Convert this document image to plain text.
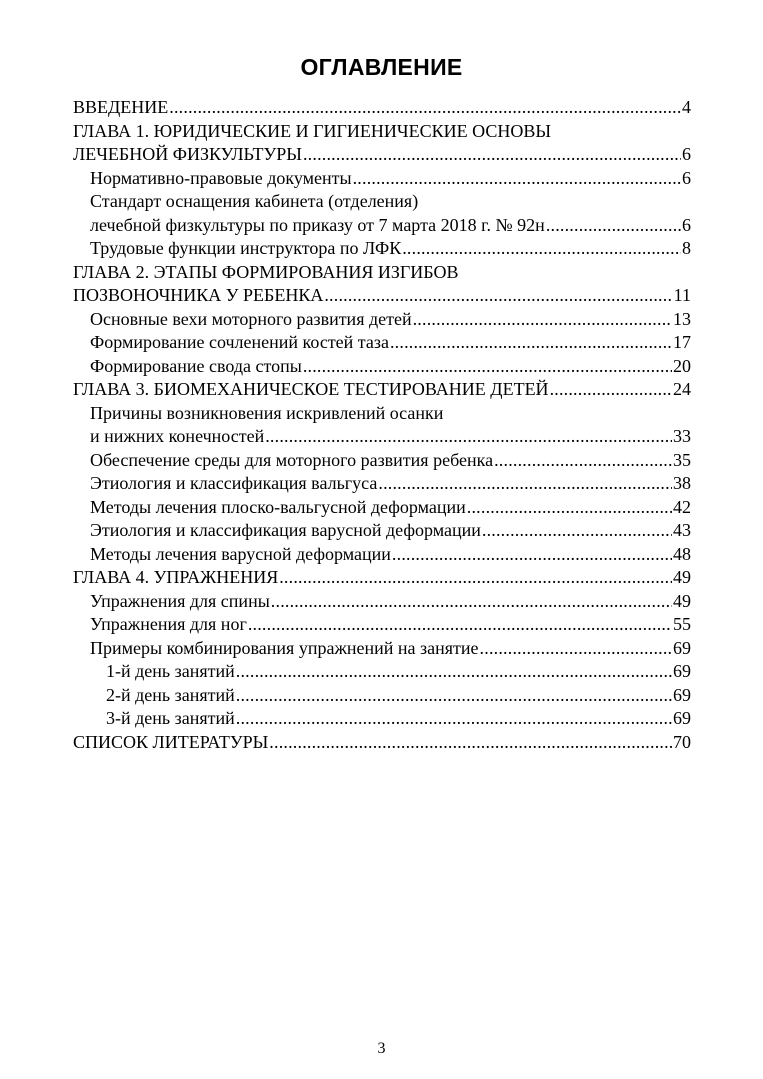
ОГЛАВЛЕНИЕ
ВВЕДЕНИЕ .....	4
ГЛАВА 1. ЮРИДИЧЕСКИЕ И ГИГИЕНИЧЕСКИЕ ОСНОВЫ
ЛЕЧЕБНОЙ ФИЗКУЛЬТУРЫ .....	6
Нормативно-правовые документы .....	6
Стандарт оснащения кабинета (отделения)
лечебной физкультуры по приказу от 7 марта 2018 г. № 92н .....	6
Трудовые функции инструктора по ЛФК .....	8
ГЛАВА 2. ЭТАПЫ ФОРМИРОВАНИЯ ИЗГИБОВ
ПОЗВОНОЧНИКА У РЕБЕНКА .....	11
Основные вехи моторного развития детей .....	13
Формирование сочленений костей таза .....	17
Формирование свода стопы .....	20
ГЛАВА 3. БИОМЕХАНИЧЕСКОЕ ТЕСТИРОВАНИЕ ДЕТЕЙ .....	24
Причины возникновения искривлений осанки
и нижних конечностей .....	33
Обеспечение среды для моторного развития ребенка .....	35
Этиология и классификация вальгуса .....	38
Методы лечения плоско-вальгусной деформации .....	42
Этиология и классификация варусной деформации .....	43
Методы лечения варусной деформации .....	48
ГЛАВА 4. УПРАЖНЕНИЯ .....	49
Упражнения для спины .....	49
Упражнения для ног .....	55
Примеры комбинирования упражнений на занятие .....	69
1-й день занятий .....	69
2-й день занятий .....	69
3-й день занятий .....	69
СПИСОК ЛИТЕРАТУРЫ .....	70
3
